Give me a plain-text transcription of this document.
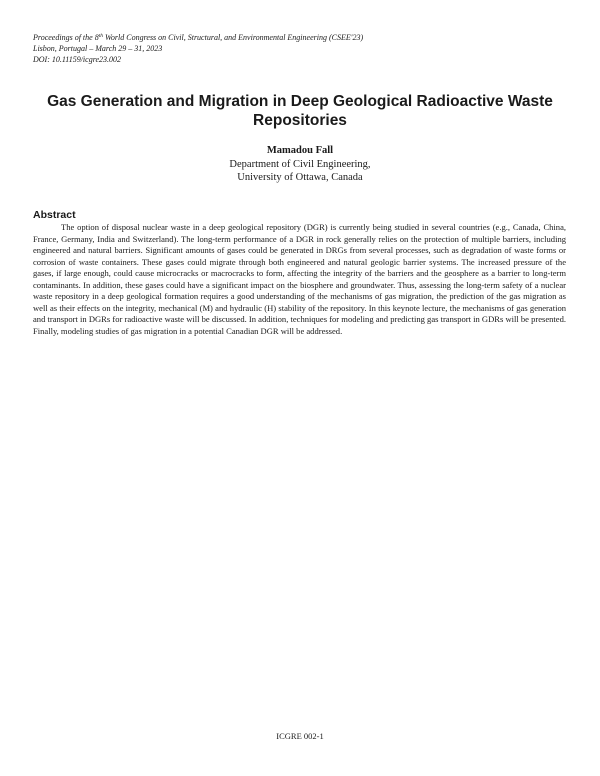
Proceedings of the 8th World Congress on Civil, Structural, and Environmental Engineering (CSEE'23)
Lisbon, Portugal – March 29 – 31, 2023
DOI: 10.11159/icgre23.002
Gas Generation and Migration in Deep Geological Radioactive Waste Repositories
Mamadou Fall
Department of Civil Engineering,
University of Ottawa, Canada
Abstract

The option of disposal nuclear waste in a deep geological repository (DGR) is currently being studied in several countries (e.g., Canada, China, France, Germany, India and Switzerland). The long-term performance of a DGR in rock generally relies on the protection of multiple barriers, including engineered and natural barriers. Significant amounts of gases could be generated in DRGs from several processes, such as degradation of waste forms or corrosion of waste containers. These gases could migrate through both engineered and natural geologic barrier systems. The increased pressure of the gases, if large enough, could cause microcracks or macrocracks to form, affecting the integrity of the barriers and the geosphere as a barrier to long-term contaminants. In addition, these gases could have a significant impact on the biosphere and groundwater. Thus, assessing the long-term safety of a nuclear waste repository in a deep geological formation requires a good understanding of the mechanisms of gas migration, the prediction of the gas migration as well as their effects on the integrity, mechanical (M) and hydraulic (H) stability of the repository. In this keynote lecture, the mechanisms of gas generation and transport in DGRs for radioactive waste will be discussed. In addition, techniques for modeling and predicting gas transport in GDRs will be presented. Finally, modeling studies of gas migration in a potential Canadian DGR will be addressed.

ICGRE 002-1
